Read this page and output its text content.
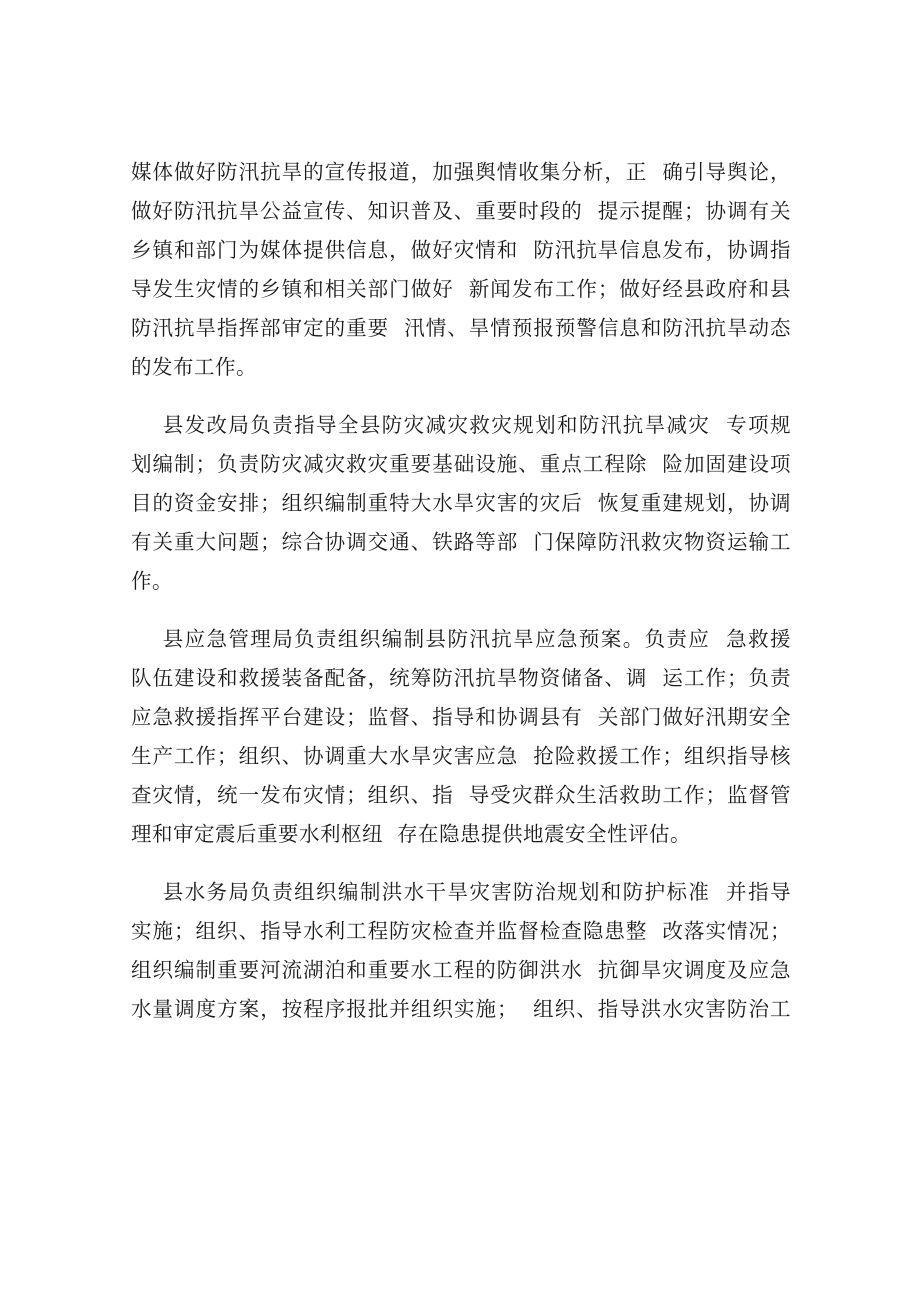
媒体做好防汛抗旱的宣传报道，加强舆情收集分析，正  确引导舆论，
做好防汛抗旱公益宣传、知识普及、重要时段的  提示提醒；协调有关
乡镇和部门为媒体提供信息，做好灾情和  防汛抗旱信息发布，协调指
导发生灾情的乡镇和相关部门做好  新闻发布工作；做好经县政府和县
防汛抗旱指挥部审定的重要  汛情、旱情预报预警信息和防汛抗旱动态
的发布工作。
县发改局负责指导全县防灾减灾救灾规划和防汛抗旱减灾  专项规
划编制；负责防灾减灾救灾重要基础设施、重点工程除  险加固建设项
目的资金安排；组织编制重特大水旱灾害的灾后  恢复重建规划，协调
有关重大问题；综合协调交通、铁路等部  门保障防汛救灾物资运输工
作。
县应急管理局负责组织编制县防汛抗旱应急预案。负责应  急救援
队伍建设和救援装备配备，统筹防汛抗旱物资储备、调  运工作；负责
应急救援指挥平台建设；监督、指导和协调县有  关部门做好汛期安全
生产工作；组织、协调重大水旱灾害应急  抢险救援工作；组织指导核
查灾情，统一发布灾情；组织、指  导受灾群众生活救助工作；监督管
理和审定震后重要水利枢纽  存在隐患提供地震安全性评估。
县水务局负责组织编制洪水干旱灾害防治规划和防护标准  并指导
实施；组织、指导水利工程防灾检查并监督检查隐患整  改落实情况；
组织编制重要河流湖泊和重要水工程的防御洪水  抗御旱灾调度及应急
水量调度方案，按程序报批并组织实施；  组织、指导洪水灾害防治工
